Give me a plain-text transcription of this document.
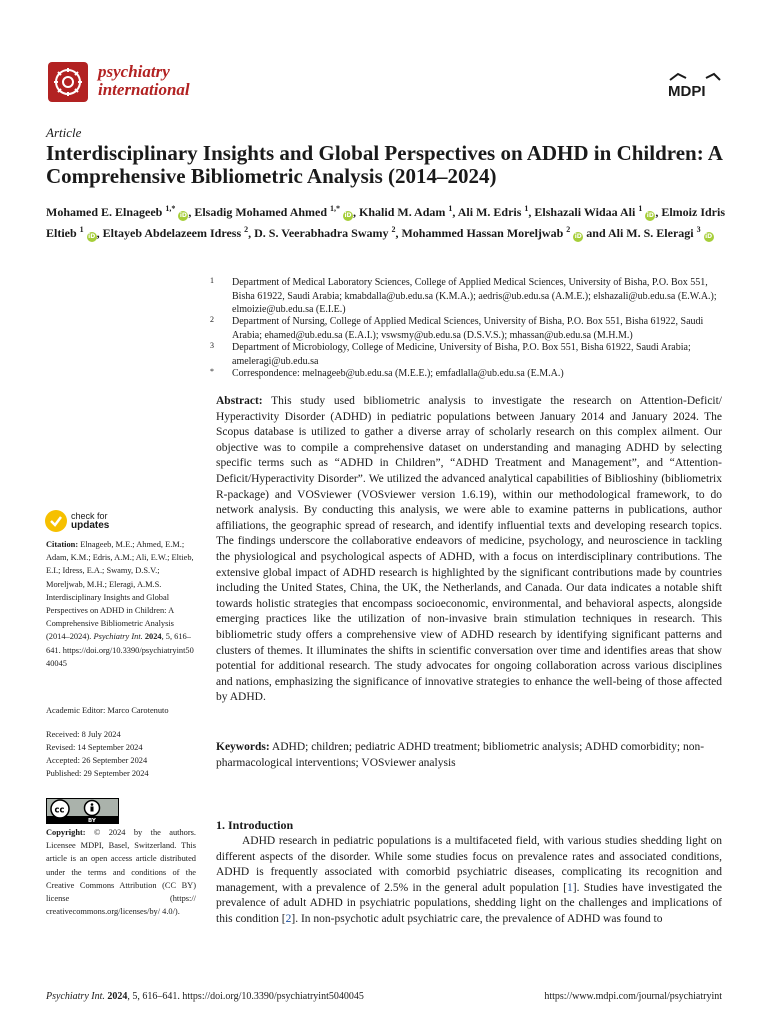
psychiatry
international	MDPI
Article
Interdisciplinary Insights and Global Perspectives on ADHD in Children: A Comprehensive Bibliometric Analysis (2014–2024)
Mohamed E. Elnageeb $^{1,*}$ iD, Elsadig Mohamed Ahmed $^{1,*}$ iD, Khalid M. Adam $^1$, Ali M. Edris $^1$, Elshazali Widaa Ali $^1$ iD, Elmoiz Idris Eltieb $^1$ iD, Eltayeb Abdelazeem Idress $^2$, D. S. Veerabhadra Swamy $^2$, Mohammed Hassan Moreljwab $^2$ iD and Ali M. S. Eleragi $^3$ iD
1	Department of Medical Laboratory Sciences, College of Applied Medical Sciences, University of Bisha, P.O. Box 551, Bisha 61922, Saudi Arabia; kmabdalla@ub.edu.sa (K.M.A.); aedris@ub.edu.sa (A.M.E.); elshazali@ub.edu.sa (E.W.A.); elmoizie@ub.edu.sa (E.I.E.)
2	Department of Nursing, College of Applied Medical Sciences, University of Bisha, P.O. Box 551, Bisha 61922, Saudi Arabia; ehamed@ub.edu.sa (E.A.I.); vswsmy@ub.edu.sa (D.S.V.S.); mhassan@ub.edu.sa (M.H.M.)
3	Department of Microbiology, College of Medicine, University of Bisha, P.O. Box 551, Bisha 61922, Saudi Arabia; ameleragi@ub.edu.sa
*	Correspondence: melnageeb@ub.edu.sa (M.E.E.); emfadlalla@ub.edu.sa (E.M.A.)
Abstract: This study used bibliometric analysis to investigate the research on Attention-Deficit/ Hyperactivity Disorder (ADHD) in pediatric populations between January 2014 and January 2024. The Scopus database is utilized to gather a diverse array of scholarly research on this complex ailment. Our objective was to compile a comprehensive dataset on understanding and managing ADHD by selecting specific terms such as “ADHD in Children”, “ADHD Treatment and Management”, and “Attention-Deficit/Hyperactivity Disorder”. We utilized the advanced analytical capabilities of Biblioshiny (bibliometrix R-package) and VOSviewer (VOSviewer version 1.6.19), within our methodological framework, to do network analysis. By conducting this analysis, we were able to examine patterns in publications, author affiliations, the geographic spread of research, and identify influential texts and developing research topics. The findings underscore the collaborative endeavors of medicine, psychology, and neuroscience in tackling the physiological and psychological aspects of ADHD, with a focus on interdisciplinary contributions. The extensive global impact of ADHD research is highlighted by the significant contributions made by countries including the United States, China, the UK, the Netherlands, and Canada. Our data indicates a notable shift towards holistic strategies that encompass socioeconomic, environmental, and behavioral aspects, alongside emerging practices like the utilization of non-invasive brain stimulation techniques in research. This bibliometric study offers a comprehensive view of ADHD research by identifying significant patterns and clusters of themes. It illuminates the shifts in scientific conversation over time and identifies areas that show potential for additional research. The study advocates for ongoing collaboration across various disciplines and nations, emphasizing the significance of innovative strategies to enhance the well-being of those affected by ADHD.
Keywords: ADHD; children; pediatric ADHD treatment; bibliometric analysis; ADHD comorbidity; non-pharmacological interventions; VOSviewer analysis
check for
updates
Citation: Elnageeb, M.E.; Ahmed, E.M.; Adam, K.M.; Edris, A.M.; Ali, E.W.; Eltieb, E.I.; Idress, E.A.; Swamy, D.S.V.; Moreljwab, M.H.; Eleragi, A.M.S. Interdisciplinary Insights and Global Perspectives on ADHD in Children: A Comprehensive Bibliometric Analysis (2014–2024). Psychiatry Int. 2024, 5, 616–641. https://doi.org/10.3390/psychiatryint5040045
Academic Editor: Marco Carotenuto
Received: 8 July 2024
Revised: 14 September 2024
Accepted: 26 September 2024
Published: 29 September 2024
cc
BY
Copyright: © 2024 by the authors. Licensee MDPI, Basel, Switzerland. This article is an open access article distributed under the terms and conditions of the Creative Commons Attribution (CC BY) license (https:// creativecommons.org/licenses/by/ 4.0/).
1. Introduction
ADHD research in pediatric populations is a multifaceted field, with various studies shedding light on different aspects of the disorder. While some studies focus on prevalence rates and associated conditions, ADHD is frequently associated with comorbid psychiatric diseases, complicating its recognition and management, with a prevalence of 2.5% in the general adult population [1]. Studies have investigated the prevalence of adult ADHD in psychiatric populations, shedding light on the challenges and implications of this condition [2]. In non-psychotic adult psychiatric care, the prevalence of ADHD was found to
Psychiatry Int. 2024, 5, 616–641. https://doi.org/10.3390/psychiatryint5040045	https://www.mdpi.com/journal/psychiatryint
